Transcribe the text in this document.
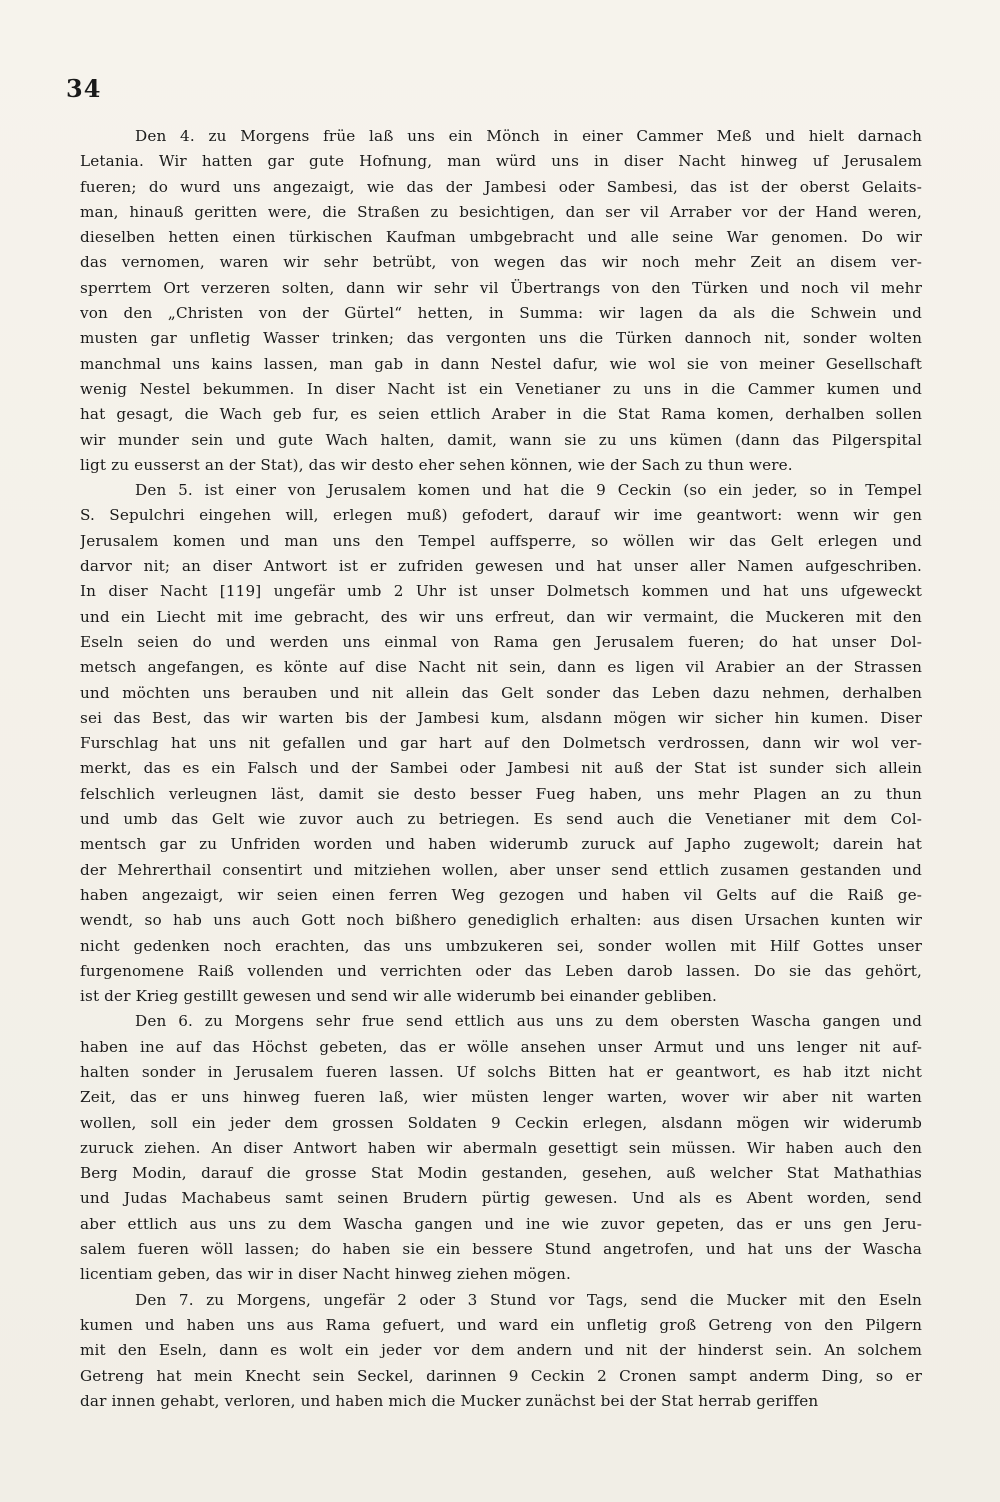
34
Den 4. zu Morgens früe laß uns ein Mönch in einer Cammer Meß und hielt darnach
Letania. Wir hatten gar gute Hofnung, man würd uns in diser Nacht hinweg uf Jerusalem
fueren; do wurd uns angezaigt, wie das der Jambesi oder Sambesi, das ist der oberst Gelaits-
man, hinauß geritten were, die Straßen zu besichtigen, dan ser vil Arraber vor der Hand weren,
dieselben hetten einen türkischen Kaufman umbgebracht und alle seine War genomen. Do wir
das vernomen, waren wir sehr betrübt, von wegen das wir noch mehr Zeit an disem ver-
sperrtem Ort verzeren solten, dann wir sehr vil Übertrangs von den Türken und noch vil mehr
von den „Christen von der Gürtel“ hetten, in Summa: wir lagen da als die Schwein und
musten gar unfletig Wasser trinken; das vergonten uns die Türken dannoch nit, sonder wolten
manchmal uns kains lassen, man gab in dann Nestel dafur, wie wol sie von meiner Gesellschaft
wenig Nestel bekummen. In diser Nacht ist ein Venetianer zu uns in die Cammer kumen und
hat gesagt, die Wach geb fur, es seien ettlich Araber in die Stat Rama komen, derhalben sollen
wir munder sein und gute Wach halten, damit, wann sie zu uns kümen (dann das Pilgerspital
ligt zu eusserst an der Stat), das wir desto eher sehen können, wie der Sach zu thun were.
Den 5. ist einer von Jerusalem komen und hat die 9 Ceckin (so ein jeder, so in Tempel
S. Sepulchri eingehen will, erlegen muß) gefodert, darauf wir ime geantwort: wenn wir gen
Jerusalem komen und man uns den Tempel auffsperre, so wöllen wir das Gelt erlegen und
darvor nit; an diser Antwort ist er zufriden gewesen und hat unser aller Namen aufgeschriben.
In diser Nacht [119] ungefär umb 2 Uhr ist unser Dolmetsch kommen und hat uns ufgeweckt
und ein Liecht mit ime gebracht, des wir uns erfreut, dan wir vermaint, die Muckeren mit den
Eseln seien do und werden uns einmal von Rama gen Jerusalem fueren; do hat unser Dol-
metsch angefangen, es könte auf dise Nacht nit sein, dann es ligen vil Arabier an der Strassen
und möchten uns berauben und nit allein das Gelt sonder das Leben dazu nehmen, derhalben
sei das Best, das wir warten bis der Jambesi kum, alsdann mögen wir sicher hin kumen. Diser
Furschlag hat uns nit gefallen und gar hart auf den Dolmetsch verdrossen, dann wir wol ver-
merkt, das es ein Falsch und der Sambei oder Jambesi nit auß der Stat ist sunder sich allein
felschlich verleugnen läst, damit sie desto besser Fueg haben, uns mehr Plagen an zu thun
und umb das Gelt wie zuvor auch zu betriegen. Es send auch die Venetianer mit dem Col-
mentsch gar zu Unfriden worden und haben widerumb zuruck auf Japho zugewolt; darein hat
der Mehrerthail consentirt und mitziehen wollen, aber unser send ettlich zusamen gestanden und
haben angezaigt, wir seien einen ferren Weg gezogen und haben vil Gelts auf die Raiß ge-
wendt, so hab uns auch Gott noch bißhero genediglich erhalten: aus disen Ursachen kunten wir
nicht gedenken noch erachten, das uns umbzukeren sei, sonder wollen mit Hilf Gottes unser
furgenomene Raiß vollenden und verrichten oder das Leben darob lassen. Do sie das gehört,
ist der Krieg gestillt gewesen und send wir alle widerumb bei einander gebliben.
Den 6. zu Morgens sehr frue send ettlich aus uns zu dem obersten Wascha gangen und
haben ine auf das Höchst gebeten, das er wölle ansehen unser Armut und uns lenger nit auf-
halten sonder in Jerusalem fueren lassen. Uf solchs Bitten hat er geantwort, es hab itzt nicht
Zeit, das er uns hinweg fueren laß, wier müsten lenger warten, wover wir aber nit warten
wollen, soll ein jeder dem grossen Soldaten 9 Ceckin erlegen, alsdann mögen wir widerumb
zuruck ziehen. An diser Antwort haben wir abermaln gesettigt sein müssen. Wir haben auch den
Berg Modin, darauf die grosse Stat Modin gestanden, gesehen, auß welcher Stat Mathathias
und Judas Machabeus samt seinen Brudern pürtig gewesen. Und als es Abent worden, send
aber ettlich aus uns zu dem Wascha gangen und ine wie zuvor gepeten, das er uns gen Jeru-
salem fueren wöll lassen; do haben sie ein bessere Stund angetrofen, und hat uns der Wascha
licentiam geben, das wir in diser Nacht hinweg ziehen mögen.
Den 7. zu Morgens, ungefär 2 oder 3 Stund vor Tags, send die Mucker mit den Eseln
kumen und haben uns aus Rama gefuert, und ward ein unfletig groß Getreng von den Pilgern
mit den Eseln, dann es wolt ein jeder vor dem andern und nit der hinderst sein. An solchem
Getreng hat mein Knecht sein Seckel, darinnen 9 Ceckin 2 Cronen sampt anderm Ding, so er
dar innen gehabt, verloren, und haben mich die Mucker zunächst bei der Stat herrab geriffen
